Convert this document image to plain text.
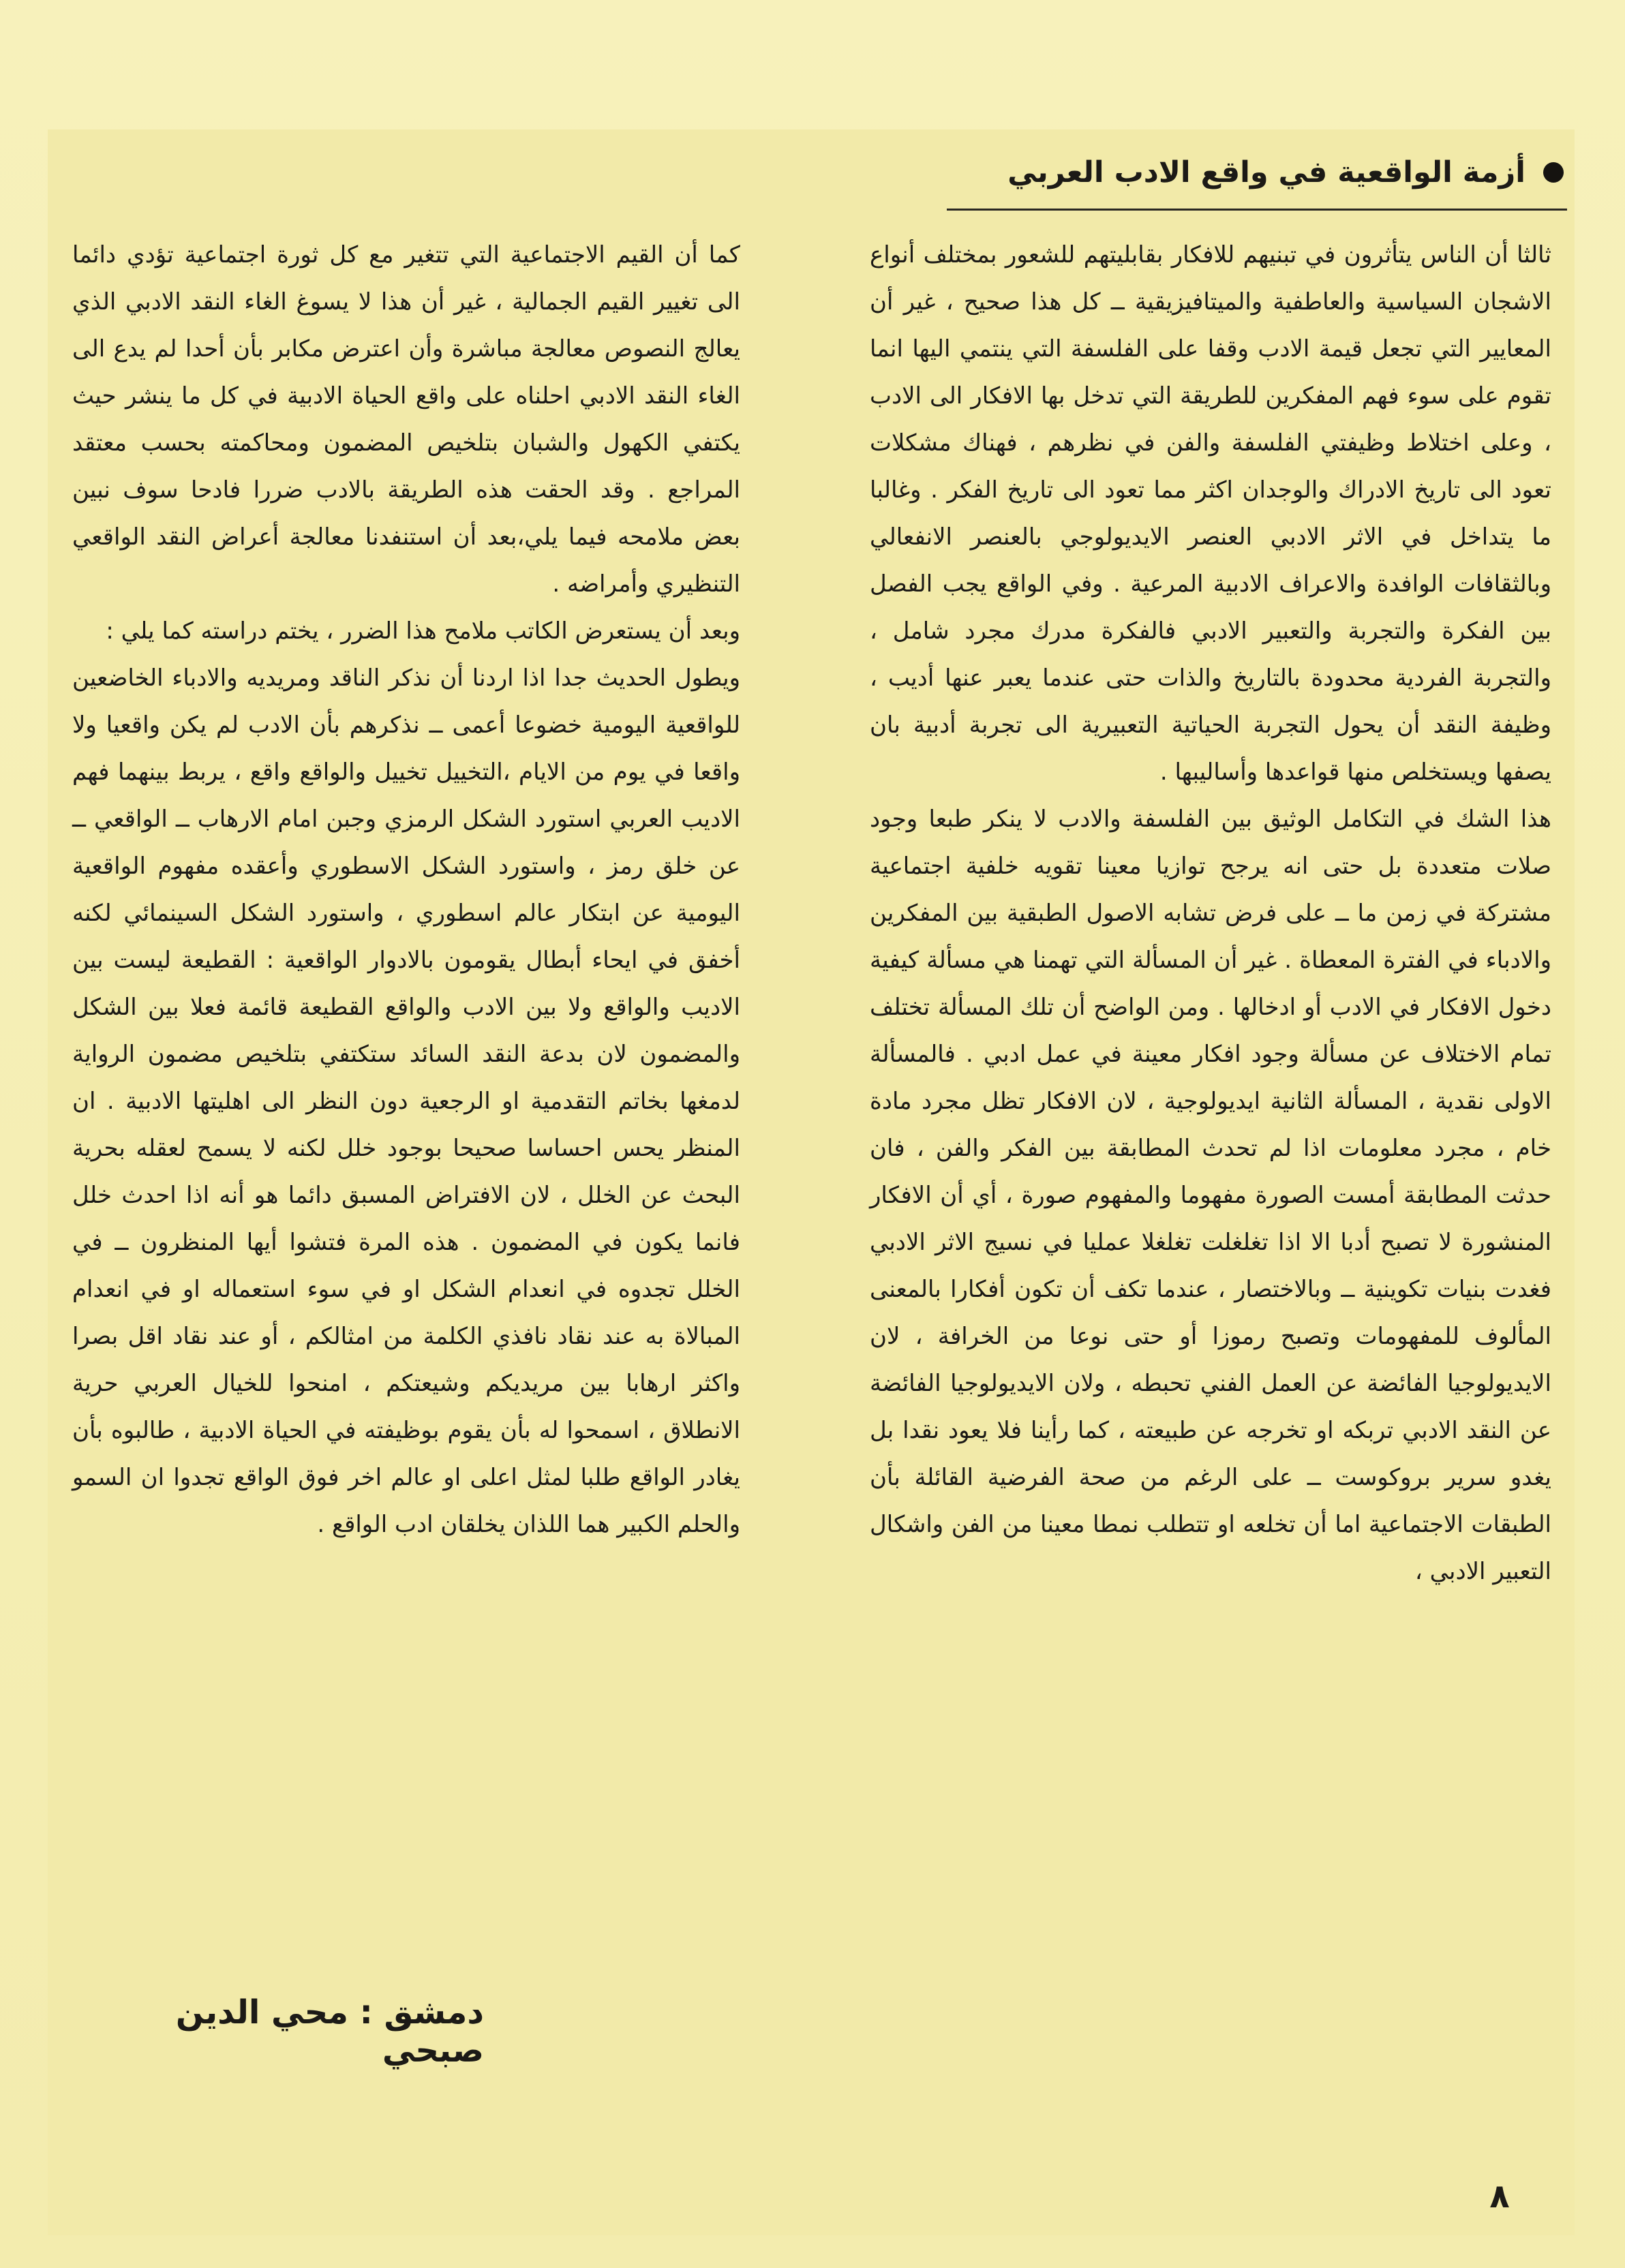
أزمة الواقعية في واقع الادب العربي

ثالثا أن الناس يتأثرون في تبنيهم للافكار بقابليتهم للشعور بمختلف أنواع الاشجان السياسية والعاطفية والميتافيزيقية ــ كل هذا صحيح ، غير أن المعايير التي تجعل قيمة الادب وقفا على الفلسفة التي ينتمي اليها انما تقوم على سوء فهم المفكرين للطريقة التي تدخل بها الافكار الى الادب ، وعلى اختلاط وظيفتي الفلسفة والفن في نظرهم ، فهناك مشكلات تعود الى تاريخ الادراك والوجدان اكثر مما تعود الى تاريخ الفكر . وغالبا ما يتداخل في الاثر الادبي العنصر الايديولوجي بالعنصر الانفعالي وبالثقافات الوافدة والاعراف الادبية المرعية . وفي الواقع يجب الفصل بين الفكرة والتجربة والتعبير الادبي فالفكرة مدرك مجرد شامل ، والتجربة الفردية محدودة بالتاريخ والذات حتى عندما يعبر عنها أديب ، وظيفة النقد أن يحول التجربة الحياتية التعبيرية الى تجربة أدبية بان يصفها ويستخلص منها قواعدها وأساليبها .

هذا الشك في التكامل الوثيق بين الفلسفة والادب لا ينكر طبعا وجود صلات متعددة بل حتى انه يرجح توازيا معينا تقويه خلفية اجتماعية مشتركة في زمن ما ــ على فرض تشابه الاصول الطبقية بين المفكرين والادباء في الفترة المعطاة . غير أن المسألة التي تهمنا هي مسألة كيفية دخول الافكار في الادب أو ادخالها . ومن الواضح أن تلك المسألة تختلف تمام الاختلاف عن مسألة وجود افكار معينة في عمل ادبي . فالمسألة الاولى نقدية ، المسألة الثانية ايديولوجية ، لان الافكار تظل مجرد مادة خام ، مجرد معلومات اذا لم تحدث المطابقة بين الفكر والفن ، فان حدثت المطابقة أمست الصورة مفهوما والمفهوم صورة ، أي أن الافكار المنشورة لا تصبح أدبا الا اذا تغلغلت تغلغلا عمليا في نسيج الاثر الادبي فغدت بنيات تكوينية ــ وبالاختصار ، عندما تكف أن تكون أفكارا بالمعنى المألوف للمفهومات وتصبح رموزا أو حتى نوعا من الخرافة ، لان الايديولوجيا الفائضة عن العمل الفني تحبطه ، ولان الايديولوجيا الفائضة عن النقد الادبي تربكه او تخرجه عن طبيعته ، كما رأينا فلا يعود نقدا بل يغدو سرير بروكوست ــ على الرغم من صحة الفرضية القائلة بأن الطبقات الاجتماعية اما أن تخلعه او تتطلب نمطا معينا من الفن واشكال التعبير الادبي ،

كما أن القيم الاجتماعية التي تتغير مع كل ثورة اجتماعية تؤدي دائما الى تغيير القيم الجمالية ، غير أن هذا لا يسوغ الغاء النقد الادبي الذي يعالج النصوص معالجة مباشرة وأن اعترض مكابر بأن أحدا لم يدع الى الغاء النقد الادبي احلناه على واقع الحياة الادبية في كل ما ينشر حيث يكتفي الكهول والشبان بتلخيص المضمون ومحاكمته بحسب معتقد المراجع . وقد الحقت هذه الطريقة بالادب ضررا فادحا سوف نبين بعض ملامحه فيما يلي،بعد أن استنفدنا معالجة أعراض النقد الواقعي التنظيري وأمراضه .

وبعد أن يستعرض الكاتب ملامح هذا الضرر ، يختم دراسته كما يلي :

ويطول الحديث جدا اذا اردنا أن نذكر الناقد ومريديه والادباء الخاضعين للواقعية اليومية خضوعا أعمى ــ نذكرهم بأن الادب لم يكن واقعيا ولا واقعا في يوم من الايام ،التخييل تخييل والواقع واقع ، يربط بينهما فهم الاديب العربي استورد الشكل الرمزي وجبن امام الارهاب ــ الواقعي ــ عن خلق رمز ، واستورد الشكل الاسطوري وأعقده مفهوم الواقعية اليومية عن ابتكار عالم اسطوري ، واستورد الشكل السينمائي لكنه أخفق في ايحاء أبطال يقومون بالادوار الواقعية : القطيعة ليست بين الاديب والواقع ولا بين الادب والواقع القطيعة قائمة فعلا بين الشكل والمضمون لان بدعة النقد السائد ستكتفي بتلخيص مضمون الرواية لدمغها بخاتم التقدمية او الرجعية دون النظر الى اهليتها الادبية . ان المنظر يحس احساسا صحيحا بوجود خلل لكنه لا يسمح لعقله بحرية البحث عن الخلل ، لان الافتراض المسبق دائما هو أنه اذا احدث خلل فانما يكون في المضمون . هذه المرة فتشوا أيها المنظرون ــ في الخلل تجدوه في انعدام الشكل او في سوء استعماله او في انعدام المبالاة به عند نقاد نافذي الكلمة من امثالكم ، أو عند نقاد اقل بصرا واكثر ارهابا بين مريديكم وشيعتكم ، امنحوا للخيال العربي حرية الانطلاق ، اسمحوا له بأن يقوم بوظيفته في الحياة الادبية ، طالبوه بأن يغادر الواقع طلبا لمثل اعلى او عالم اخر فوق الواقع تجدوا ان السمو والحلم الكبير هما اللذان يخلقان ادب الواقع .

دمشق : محي الدين صبحي
٨
